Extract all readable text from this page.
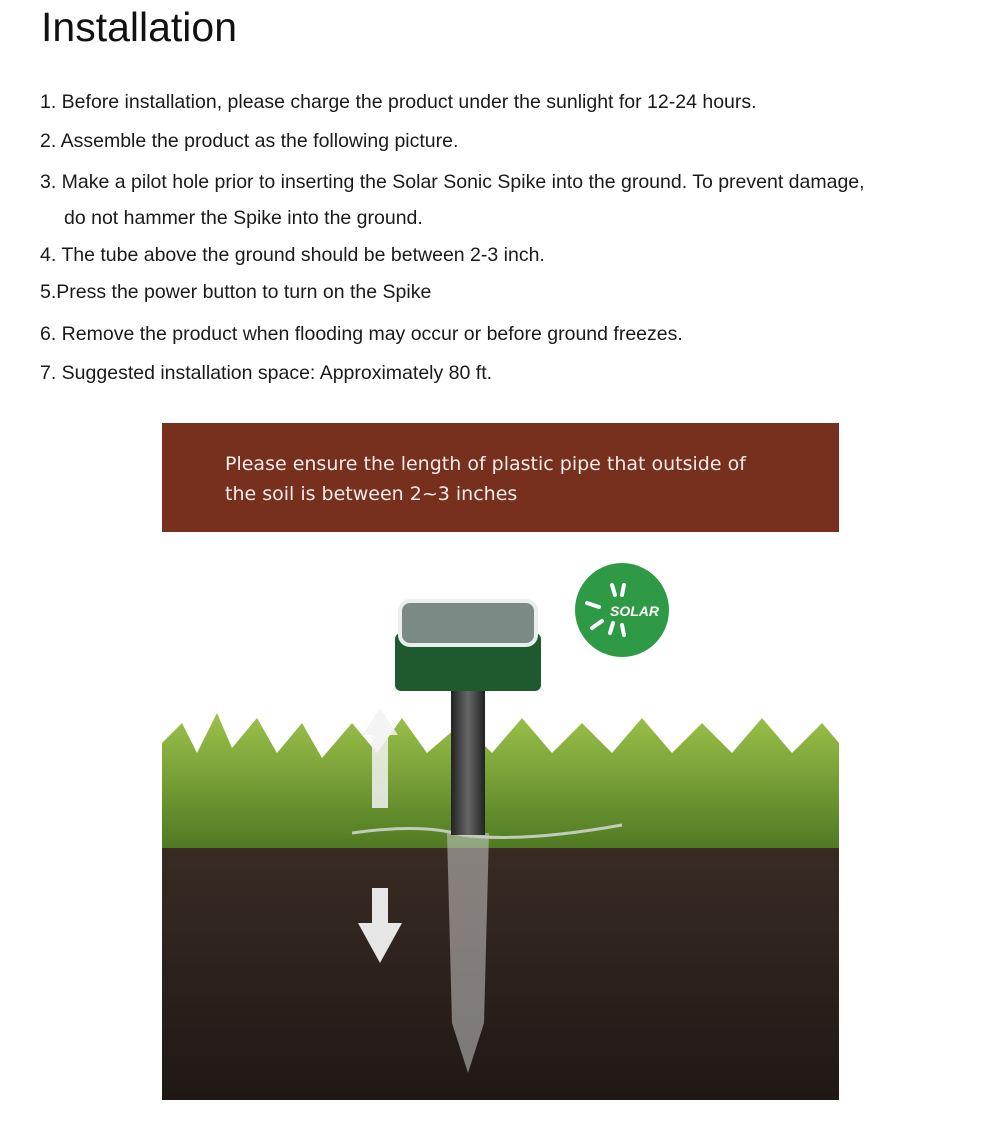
Installation
1. Before installation, please charge the product under the sunlight for 12-24 hours.
2. Assemble the product as the following picture.
3. Make a pilot hole prior to inserting the Solar Sonic Spike into the ground. To prevent damage,
do not hammer the Spike into the ground.
4. The tube above the ground should be between 2-3 inch.
5.Press the power button to turn on the Spike
6. Remove the product when flooding may occur or before ground freezes.
7. Suggested installation space: Approximately 80 ft.
SOLAR
Please ensure the length of plastic pipe that outside of
the soil is between 2~3 inches
